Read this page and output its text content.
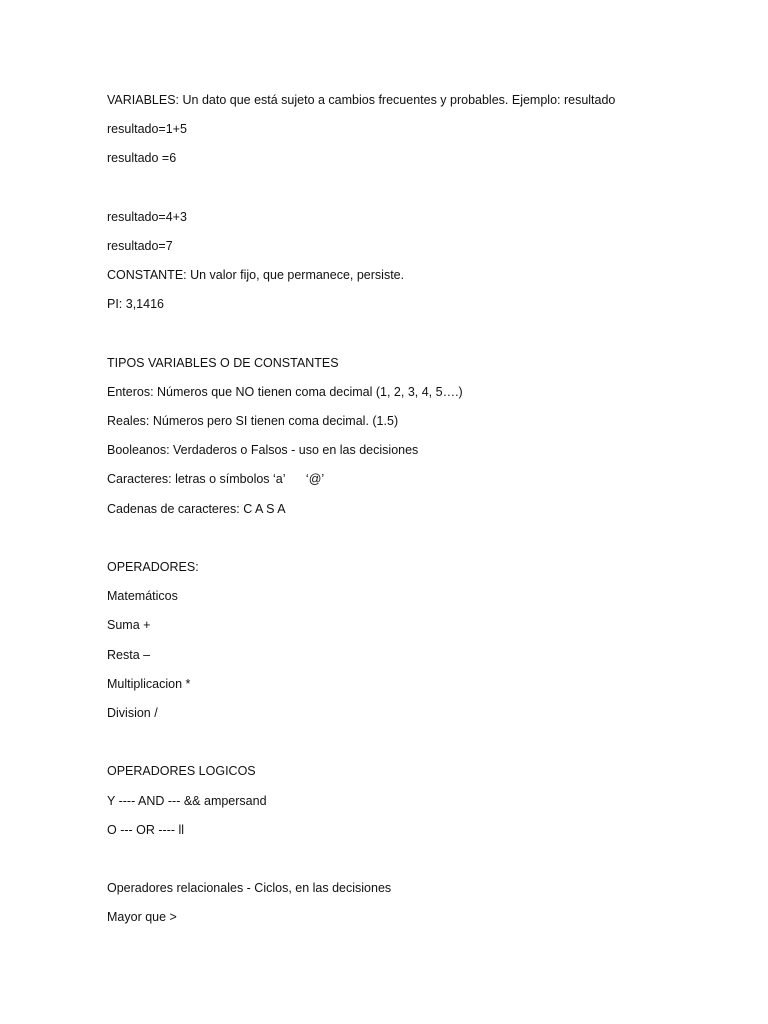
VARIABLES: Un dato que está sujeto a cambios frecuentes y probables. Ejemplo: resultado
resultado=1+5
resultado =6
resultado=4+3
resultado=7
CONSTANTE: Un valor fijo, que permanece, persiste.
PI: 3,1416
TIPOS VARIABLES O DE CONSTANTES
Enteros: Números que NO tienen coma decimal (1, 2, 3, 4, 5….)
Reales: Números pero SI tienen coma decimal. (1.5)
Booleanos: Verdaderos o Falsos - uso en las decisiones
Caracteres: letras o símbolos ‘a’      ‘@’
Cadenas de caracteres: C A S A
OPERADORES:
Matemáticos
Suma +
Resta –
Multiplicacion *
Division /
OPERADORES LOGICOS
Y ---- AND --- && ampersand
O --- OR ---- ll
Operadores relacionales - Ciclos, en las decisiones
Mayor que >
